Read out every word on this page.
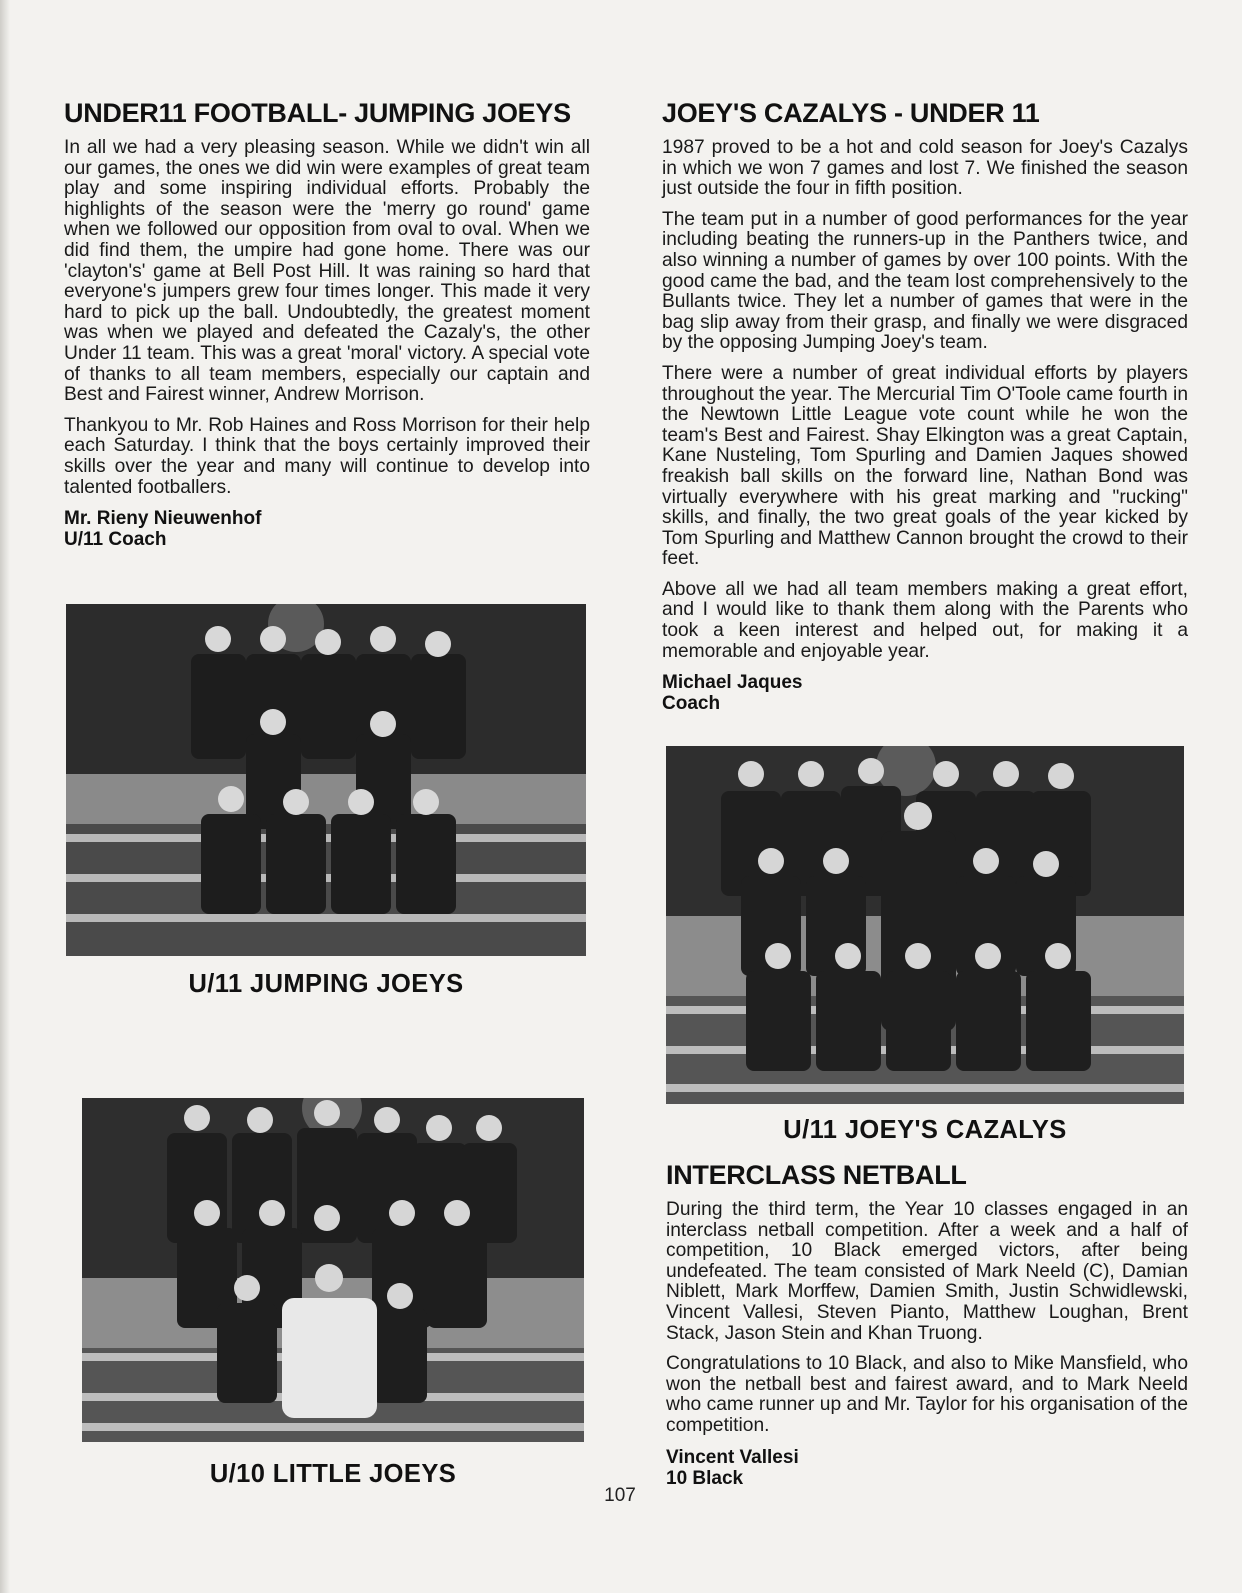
UNDER11 FOOTBALL- JUMPING JOEYS

In all we had a very pleasing season. While we didn't win all our games, the ones we did win were examples of great team play and some inspiring individual efforts. Probably the highlights of the season were the 'merry go round' game when we followed our opposition from oval to oval. When we did find them, the umpire had gone home. There was our 'clayton's' game at Bell Post Hill. It was raining so hard that everyone's jumpers grew four times longer. This made it very hard to pick up the ball. Undoubtedly, the greatest moment was when we played and defeated the Cazaly's, the other Under 11 team. This was a great 'moral' victory. A special vote of thanks to all team members, especially our captain and Best and Fairest winner, Andrew Morrison.

Thankyou to Mr. Rob Haines and Ross Morrison for their help each Saturday. I think that the boys certainly improved their skills over the year and many will continue to develop into talented footballers.

Mr. Rieny Nieuwenhof

U/11 Coach

U/11 JUMPING JOEYS
U/10 LITTLE JOEYS
JOEY'S CAZALYS - UNDER 11

1987 proved to be a hot and cold season for Joey's Cazalys in which we won 7 games and lost 7. We finished the season just outside the four in fifth position.

The team put in a number of good performances for the year including beating the runners-up in the Panthers twice, and also winning a number of games by over 100 points. With the good came the bad, and the team lost comprehensively to the Bullants twice. They let a number of games that were in the bag slip away from their grasp, and finally we were disgraced by the opposing Jumping Joey's team.

There were a number of great individual efforts by players throughout the year. The Mercurial Tim O'Toole came fourth in the Newtown Little League vote count while he won the team's Best and Fairest. Shay Elkington was a great Captain, Kane Nusteling, Tom Spurling and Damien Jaques showed freakish ball skills on the forward line, Nathan Bond was virtually everywhere with his great marking and "rucking" skills, and finally, the two great goals of the year kicked by Tom Spurling and Matthew Cannon brought the crowd to their feet.

Above all we had all team members making a great effort, and I would like to thank them along with the Parents who took a keen interest and helped out, for making it a memorable and enjoyable year.

Michael Jaques

Coach

U/11 JOEY'S CAZALYS
INTERCLASS NETBALL

During the third term, the Year 10 classes engaged in an interclass netball competition. After a week and a half of competition, 10 Black emerged victors, after being undefeated. The team consisted of Mark Neeld (C), Damian Niblett, Mark Morffew, Damien Smith, Justin Schwidlewski, Vincent Vallesi, Steven Pianto, Matthew Loughan, Brent Stack, Jason Stein and Khan Truong.

Congratulations to 10 Black, and also to Mike Mansfield, who won the netball best and fairest award, and to Mark Neeld who came runner up and Mr. Taylor for his organisation of the competition.

Vincent Vallesi

10 Black

107
